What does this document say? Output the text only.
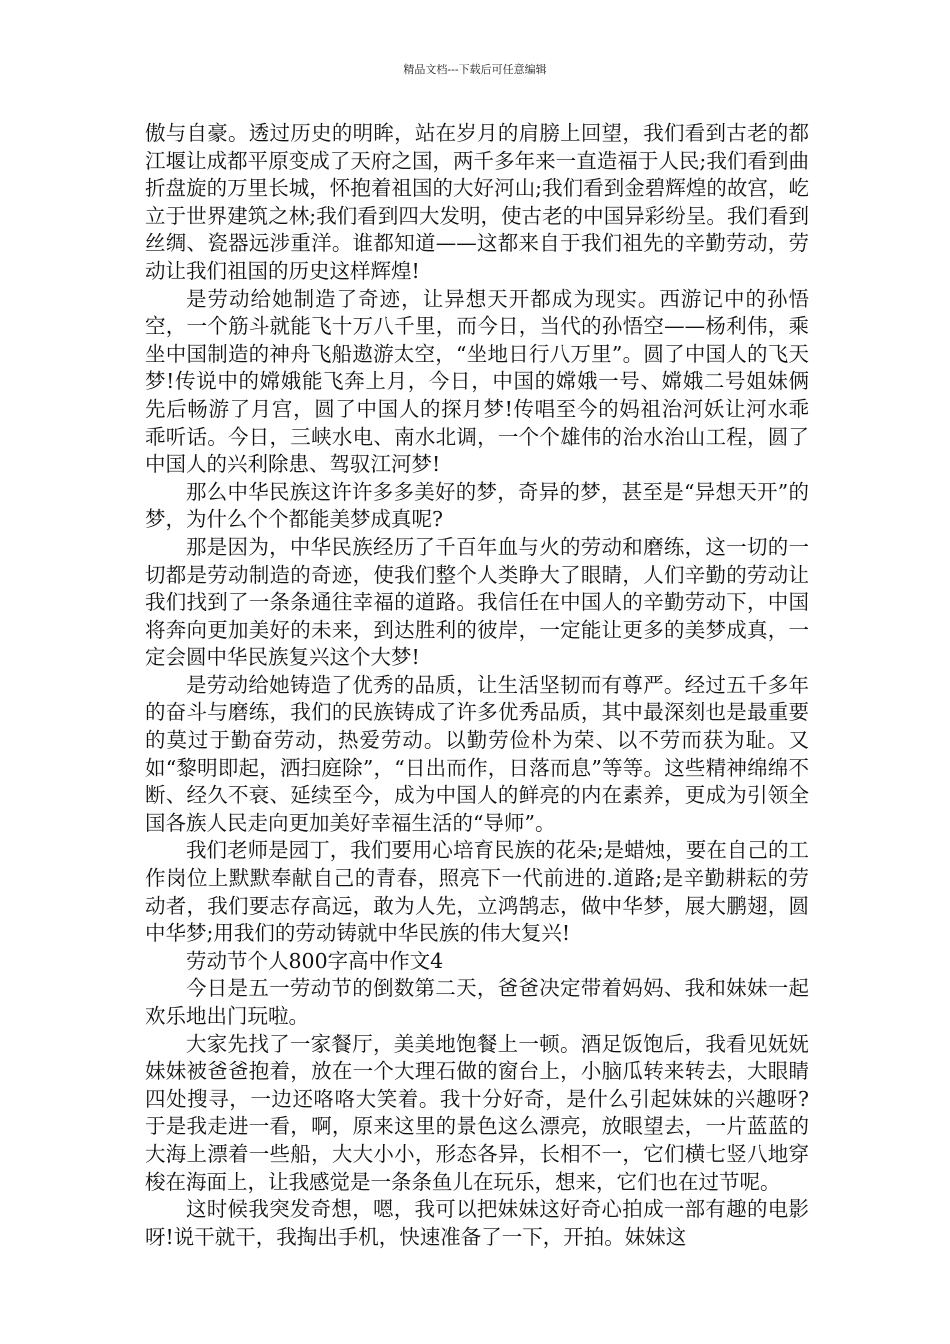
精品文档---下载后可任意编辑

傲与自豪。透过历史的明眸，站在岁月的肩膀上回望，我们看到古老的都江堰让成都平原变成了天府之国，两千多年来一直造福于人民;我们看到曲折盘旋的万里长城，怀抱着祖国的大好河山;我们看到金碧辉煌的故宫，屹立于世界建筑之林;我们看到四大发明，使古老的中国异彩纷呈。我们看到丝绸、瓷器远涉重洋。谁都知道——这都来自于我们祖先的辛勤劳动，劳动让我们祖国的历史这样辉煌!

是劳动给她制造了奇迹，让异想天开都成为现实。西游记中的孙悟空，一个筋斗就能飞十万八千里，而今日，当代的孙悟空——杨利伟，乘坐中国制造的神舟飞船遨游太空，“坐地日行八万里”。圆了中国人的飞天梦!传说中的嫦娥能飞奔上月，今日，中国的嫦娥一号、嫦娥二号姐妹俩先后畅游了月宫，圆了中国人的探月梦!传唱至今的妈祖治河妖让河水乖乖听话。今日，三峡水电、南水北调，一个个雄伟的治水治山工程，圆了中国人的兴利除患、驾驭江河梦!

那么中华民族这许许多多美好的梦，奇异的梦，甚至是“异想天开”的梦，为什么个个都能美梦成真呢?

那是因为，中华民族经历了千百年血与火的劳动和磨练，这一切的一切都是劳动制造的奇迹，使我们整个人类睁大了眼睛，人们辛勤的劳动让我们找到了一条条通往幸福的道路。我信任在中国人的辛勤劳动下，中国将奔向更加美好的未来，到达胜利的彼岸，一定能让更多的美梦成真，一定会圆中华民族复兴这个大梦!

是劳动给她铸造了优秀的品质，让生活坚韧而有尊严。经过五千多年的奋斗与磨练，我们的民族铸成了许多优秀品质，其中最深刻也是最重要的莫过于勤奋劳动，热爱劳动。以勤劳俭朴为荣、以不劳而获为耻。又如“黎明即起，洒扫庭除”，“日出而作，日落而息”等等。这些精神绵绵不断、经久不衰、延续至今，成为中国人的鲜亮的内在素养，更成为引领全国各族人民走向更加美好幸福生活的“导师”。

我们老师是园丁，我们要用心培育民族的花朵;是蜡烛，要在自己的工作岗位上默默奉献自己的青春，照亮下一代前进的.道路;是辛勤耕耘的劳动者，我们要志存高远，敢为人先，立鸿鹄志，做中华梦，展大鹏翅，圆中华梦;用我们的劳动铸就中华民族的伟大复兴!

劳动节个人800字高中作文4

今日是五一劳动节的倒数第二天，爸爸决定带着妈妈、我和妹妹一起欢乐地出门玩啦。

大家先找了一家餐厅，美美地饱餐上一顿。酒足饭饱后，我看见妩妩妹妹被爸爸抱着，放在一个大理石做的窗台上，小脑瓜转来转去，大眼睛四处搜寻，一边还咯咯大笑着。我十分好奇，是什么引起妹妹的兴趣呀?于是我走进一看，啊，原来这里的景色这么漂亮，放眼望去，一片蓝蓝的大海上漂着一些船，大大小小，形态各异，长相不一，它们横七竖八地穿梭在海面上，让我感觉是一条条鱼儿在玩乐，想来，它们也在过节呢。

这时候我突发奇想，嗯，我可以把妹妹这好奇心拍成一部有趣的电影呀!说干就干，我掏出手机，快速准备了一下，开拍。妹妹这
